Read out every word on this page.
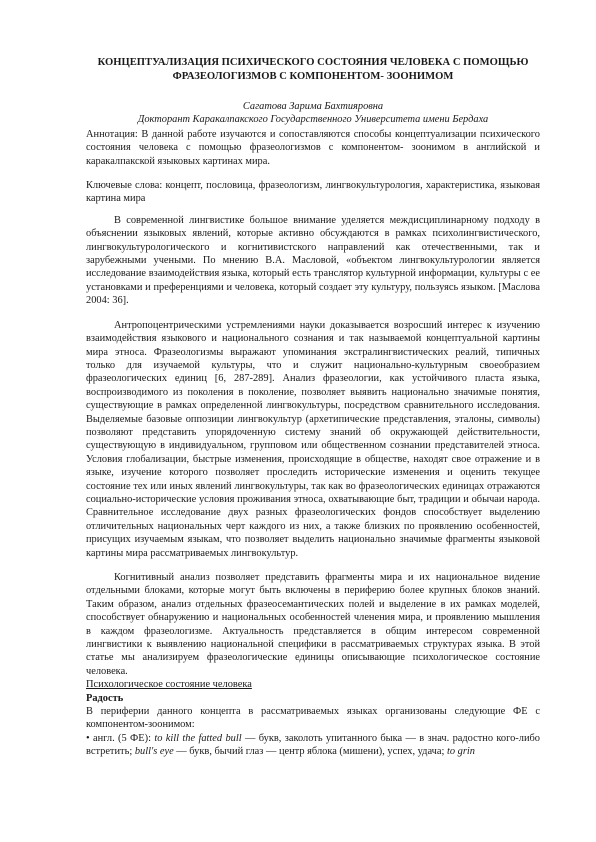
КОНЦЕПТУАЛИЗАЦИЯ ПСИХИЧЕСКОГО СОСТОЯНИЯ ЧЕЛОВЕКА С ПОМОЩЬЮ ФРАЗЕОЛОГИЗМОВ С КОМПОНЕНТОМ- ЗООНИМОМ
Сагатова Зарима Бахтияровна
Докторант Каракалпакского Государственного Университета имени Бердаха

Аннотация: В данной работе изучаются и сопоставляются способы концептуализации психического состояния человека с помощью фразеологизмов с компонентом- зоонимом в английской и каракалпакской языковых картинах мира.

Ключевые слова: концепт, пословица, фразеологизм, лингвокультурология, характеристика, языковая картина мира

В современной лингвистике большое внимание уделяется междисциплинарному подходу в объяснении языковых явлений, которые активно обсуждаются в рамках психолингвистического, лингвокультурологического и когнитивистского направлений как отечественными, так и зарубежными учеными. По мнению В.А. Масловой, «объектом лингвокультурологии является исследование взаимодействия языка, который есть транслятор культурной информации, культуры с ее установками и преференциями и человека, который создает эту культуру, пользуясь языком. [Маслова 2004: 36].

Антропоцентрическими устремлениями науки доказывается возросший интерес к изучению взаимодействия языкового и национального сознания и так называемой концептуальной картины мира этноса. Фразеологизмы выражают упоминания экстралингвистических реалий, типичных только для изучаемой культуры, что и служит национально-культурным своеобразием фразеологических единиц [6, 287-289]. Анализ фразеологии, как устойчивого пласта языка, воспроизводимого из поколения в поколение, позволяет выявить национально значимые понятия, существующие в рамках определенной лингвокультуры, посредством сравнительного исследования. Выделяемые базовые оппозиции лингвокультур (архетипические представления, эталоны, символы) позволяют представить упорядоченную систему знаний об окружающей действительности, существующую в индивидуальном, групповом или общественном сознании представителей этноса. Условия глобализации, быстрые изменения, происходящие в обществе, находят свое отражение и в языке, изучение которого позволяет проследить исторические изменения и оценить текущее состояние тех или иных явлений лингвокультуры, так как во фразеологических единицах отражаются социально-исторические условия проживания этноса, охватывающие быт, традиции и обычаи народа. Сравнительное исследование двух разных фразеологических фондов способствует выделению отличительных национальных черт каждого из них, а также близких по проявлению особенностей, присущих изучаемым языкам, что позволяет выделить национально значимые фрагменты языковой картины мира рассматриваемых лингвокультур.

Когнитивный анализ позволяет представить фрагменты мира и их национальное видение отдельными блоками, которые могут быть включены в периферию более крупных блоков знаний. Таким образом, анализ отдельных фразеосемантических полей и выделение в их рамках моделей, способствует обнаружению и национальных особенностей членения мира, и проявлению мышления в каждом фразеологизме. Актуальность представляется в общим интересом современной лингвистики к выявлению национальной специфики в рассматриваемых структурах языка. В этой статье мы анализируем фразеологические единицы описывающие психологическое состояние человека.

Психологическое состояние человека
Радость

В периферии данного концепта в рассматриваемых языках организованы следующие ФЕ с компонентом-зоонимом:

• англ. (5 ФЕ): to kill the fatted bull — букв, заколоть упитанного быка — в знач. радостно кого-либо встретить; bull's eye — букв, бычий глаз — центр яблока (мишени), успех, удача; to grin
